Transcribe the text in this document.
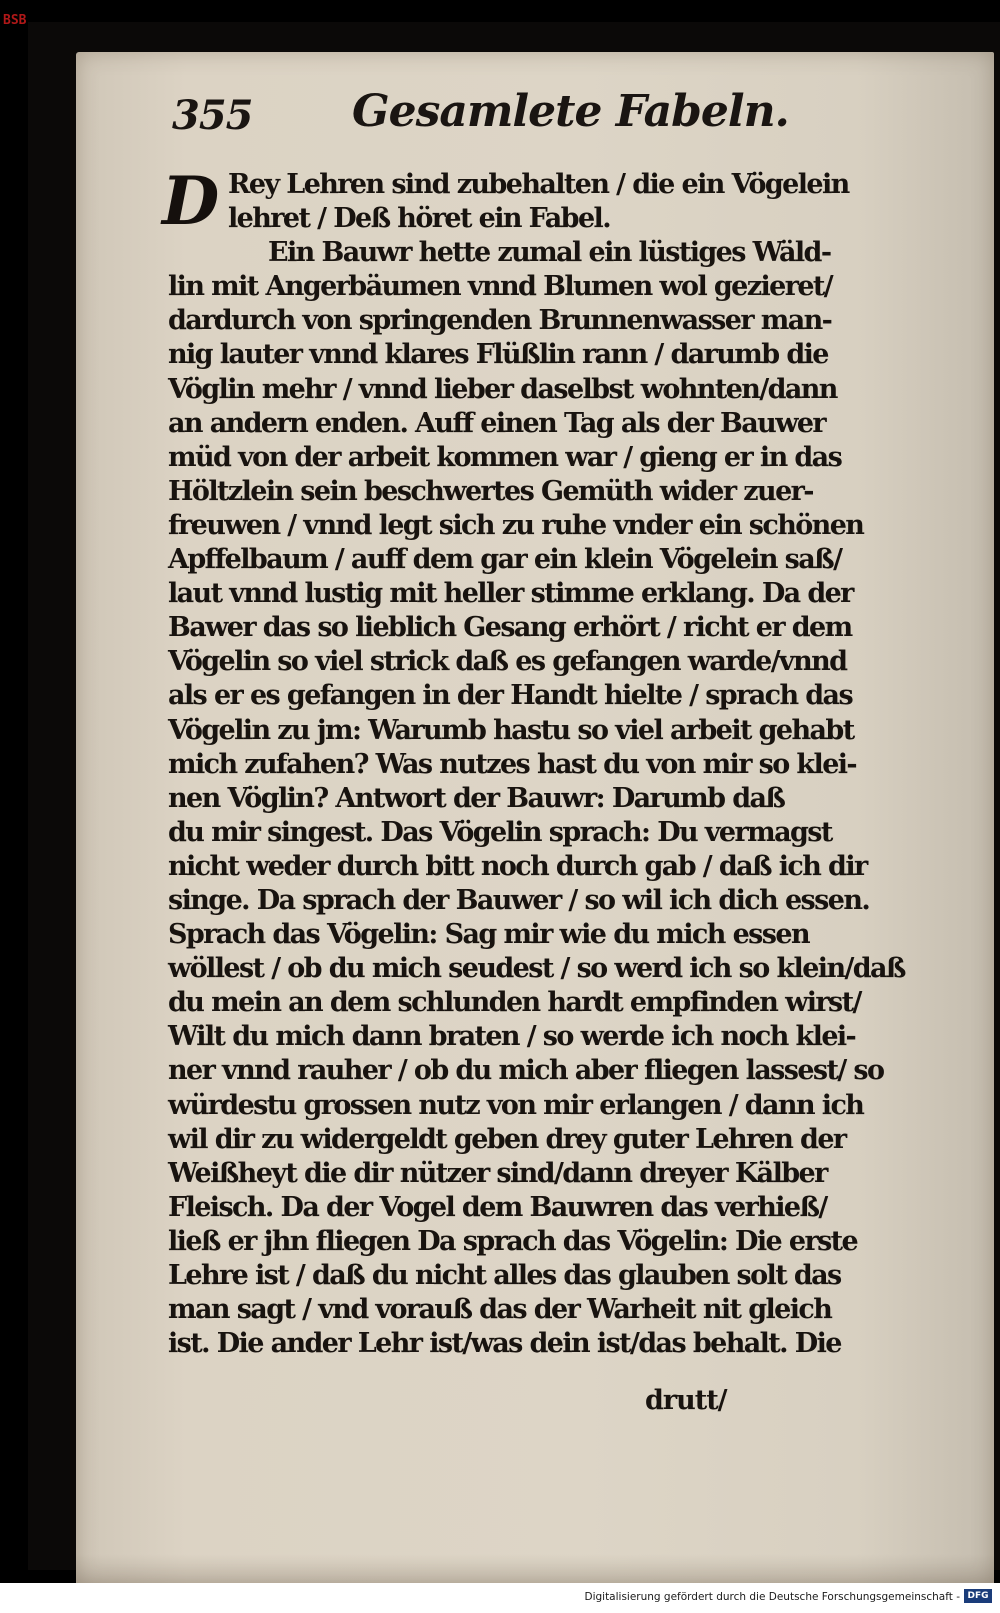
BSB
355 Gesamlete Fabeln.
D Rey Lehren sind zubehalten / die ein Vögelein
lehret / Deß höret ein Fabel.
Ein Bauwr hette zumal ein lüstiges Wäld-
lin mit Angerbäumen vnnd Blumen wol gezieret/
dardurch von springenden Brunnenwasser man-
nig lauter vnnd klares Flüßlin rann / darumb die
Vöglin mehr / vnnd lieber daselbst wohnten/dann
an andern enden. Auff einen Tag als der Bauwer
müd von der arbeit kommen war / gieng er in das
Höltzlein sein beschwertes Gemüth wider zuer-
freuwen / vnnd legt sich zu ruhe vnder ein schönen
Apffelbaum / auff dem gar ein klein Vögelein saß/
laut vnnd lustig mit heller stimme erklang. Da der
Bawer das so lieblich Gesang erhört / richt er dem
Vögelin so viel strick daß es gefangen warde/vnnd
als er es gefangen in der Handt hielte / sprach das
Vögelin zu jm: Warumb hastu so viel arbeit gehabt
mich zufahen? Was nutzes hast du von mir so klei-
nen Vöglin? Antwort der Bauwr: Darumb daß
du mir singest. Das Vögelin sprach: Du vermagst
nicht weder durch bitt noch durch gab / daß ich dir
singe. Da sprach der Bauwer / so wil ich dich essen.
Sprach das Vögelin: Sag mir wie du mich essen
wöllest / ob du mich seudest / so werd ich so klein/daß
du mein an dem schlunden hardt empfinden wirst/
Wilt du mich dann braten / so werde ich noch klei-
ner vnnd rauher / ob du mich aber fliegen lassest/ so
würdestu grossen nutz von mir erlangen / dann ich
wil dir zu widergeldt geben drey guter Lehren der
Weißheyt die dir nützer sind/dann dreyer Kälber
Fleisch. Da der Vogel dem Bauwren das verhieß/
ließ er jhn fliegen Da sprach das Vögelin: Die erste
Lehre ist / daß du nicht alles das glauben solt das
man sagt / vnd vorauß das der Warheit nit gleich
ist. Die ander Lehr ist/was dein ist/das behalt. Die
drutt/
Digitalisierung gefördert durch die Deutsche Forschungsgemeinschaft - DFG
